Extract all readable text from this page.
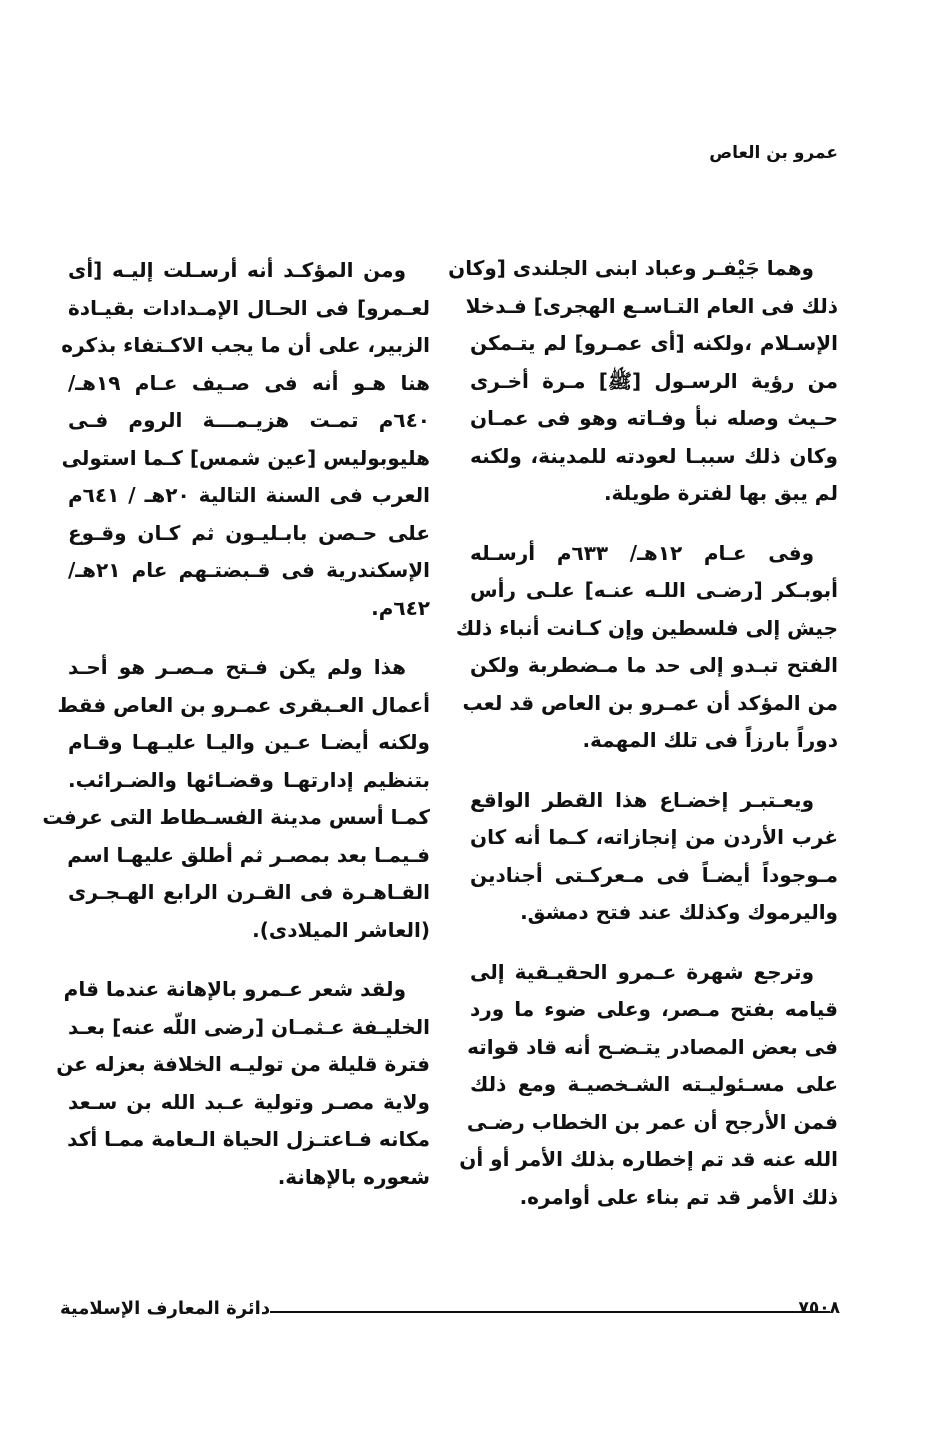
عمرو بن العاص
وهما جَيْفـر وعباد ابنى الجلندى [وكان
ذلك فى العام التـاسـع الهجرى] فـدخلا
الإسـلام ،ولكنه [أى عمـرو] لم يتـمكن
من رؤية الرسـول [ﷺ] مـرة أخـرى
حـيث وصله نبأ وفـاته وهو فى عمـان
وكان ذلك سببـا لعودته للمدينة، ولكنه
لم يبق بها لفترة طويلة.
وفى عـام ١٢هـ/ ٦٣٣م أرسـله
أبوبـكر [رضـى اللـه عنـه] علـى رأس
جيش إلى فلسطين وإن كـانت أنباء ذلك
الفتح تبـدو إلى حد ما مـضطربة ولكن
من المؤكد أن عمـرو بن العاص قد لعب
دوراً بارزاً فى تلك المهمة.
ويعـتبـر إخضـاع هذا القطر الواقع
غرب الأردن من إنجازاته، كـما أنه كان
مـوجوداً أيضـاً فى مـعركـتى أجنادين
واليرموك وكذلك عند فتح دمشق.
وترجع شهرة عـمرو الحقيـقية إلى
قيامه بفتح مـصر، وعلى ضوء ما ورد
فى بعض المصادر يتـضـح أنه قاد قواته
على مسـئوليـته الشـخصيـة ومع ذلك
فمن الأرجح أن عمر بن الخطاب رضـى
الله عنه قد تم إخطاره بذلك الأمر أو أن
ذلك الأمر قد تم بناء على أوامره.
ومن المؤكـد أنه أرسـلت إليـه [أى
لعـمرو] فى الحـال الإمـدادات بقيـادة
الزبير، على أن ما يجب الاكـتفاء بذكره
هنا هـو أنه فى صـيف عـام ١٩هـ/
٦٤٠م تمـت هزيـمـــة الروم فـى
هليوبوليس [عين شمس] كـما استولى
العرب فى السنة التالية ٢٠هـ / ٦٤١م
على حـصن بابـليـون ثم كـان وقـوع
الإسكندرية فى قـبضتـهم عام ٢١هـ/
٦٤٢م.
هذا ولم يكن فـتح مـصـر هو أحـد
أعمال العـبقرى عمـرو بن العاص فقط
ولكنه أيضـا عـين واليـا عليـهـا وقـام
بتنظيم إدارتهـا وقضـائها والضـرائب.
كمـا أسس مدينة الفسـطاط التى عرفت
فـيمـا بعد بمصـر ثم أطلق عليهـا اسم
القـاهـرة فى القـرن الرابع الهـجـرى
(العاشر الميلادى).
ولقد شعر عـمرو بالإهانة عندما قام
الخليـفة عـثمـان [رضى اللّه عنه] بعـد
فترة قليلة من توليـه الخلافة بعزله عن
ولاية مصـر وتولية عـبد الله بن سـعد
مكانه فـاعتـزل الحياة الـعامة ممـا أكد
شعوره بالإهانة.
دائرة المعارف الإسلامية	٧٥٠٨
